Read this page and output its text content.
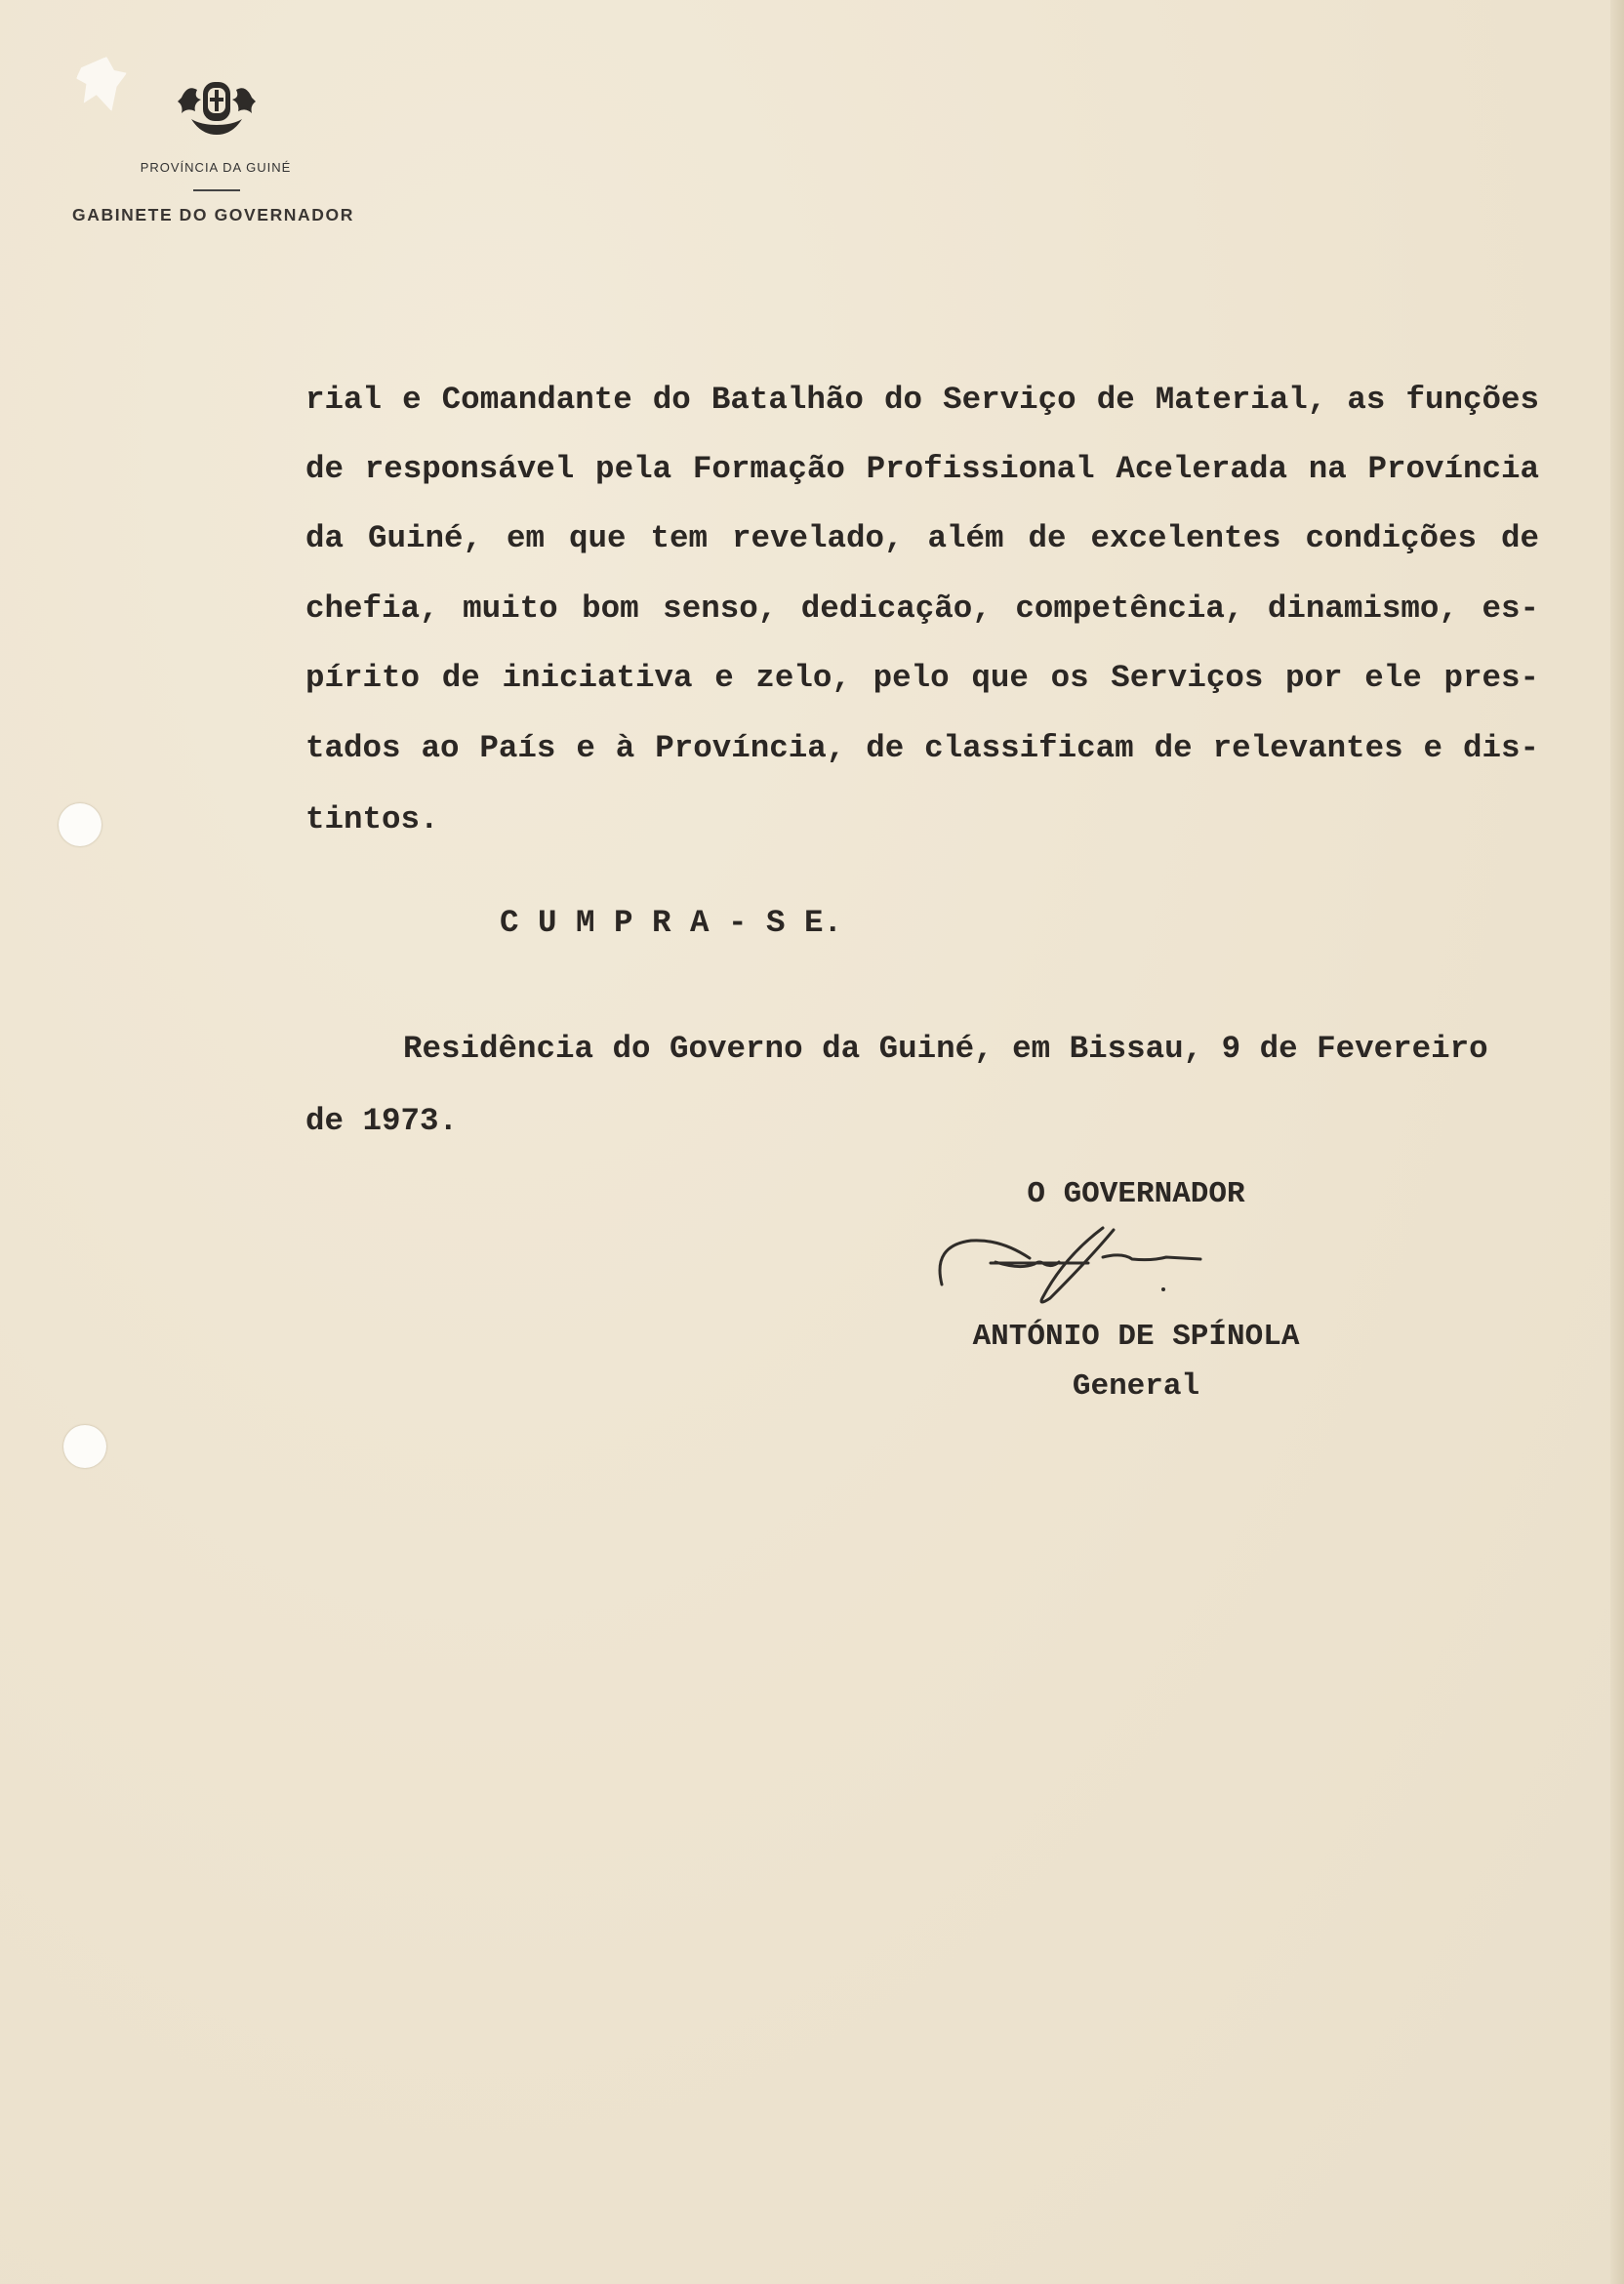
PROVÍNCIA DA GUINÉ
GABINETE DO GOVERNADOR
rial e Comandante do Batalhão do Serviço de Material, as funções
de responsável pela Formação Profissional Acelerada na Província
da Guiné, em que tem revelado, além de excelentes condições de
chefia, muito bom senso, dedicação, competência, dinamismo, es-
pírito de iniciativa e zelo, pelo que os Serviços por ele pres-
tados ao País e à Província, de classificam de relevantes e dis-
tintos.
C U M P R A - S E.
Residência do Governo da Guiné, em Bissau, 9 de Fevereiro
de 1973.
O GOVERNADOR
ANTÓNIO DE SPÍNOLA
General
